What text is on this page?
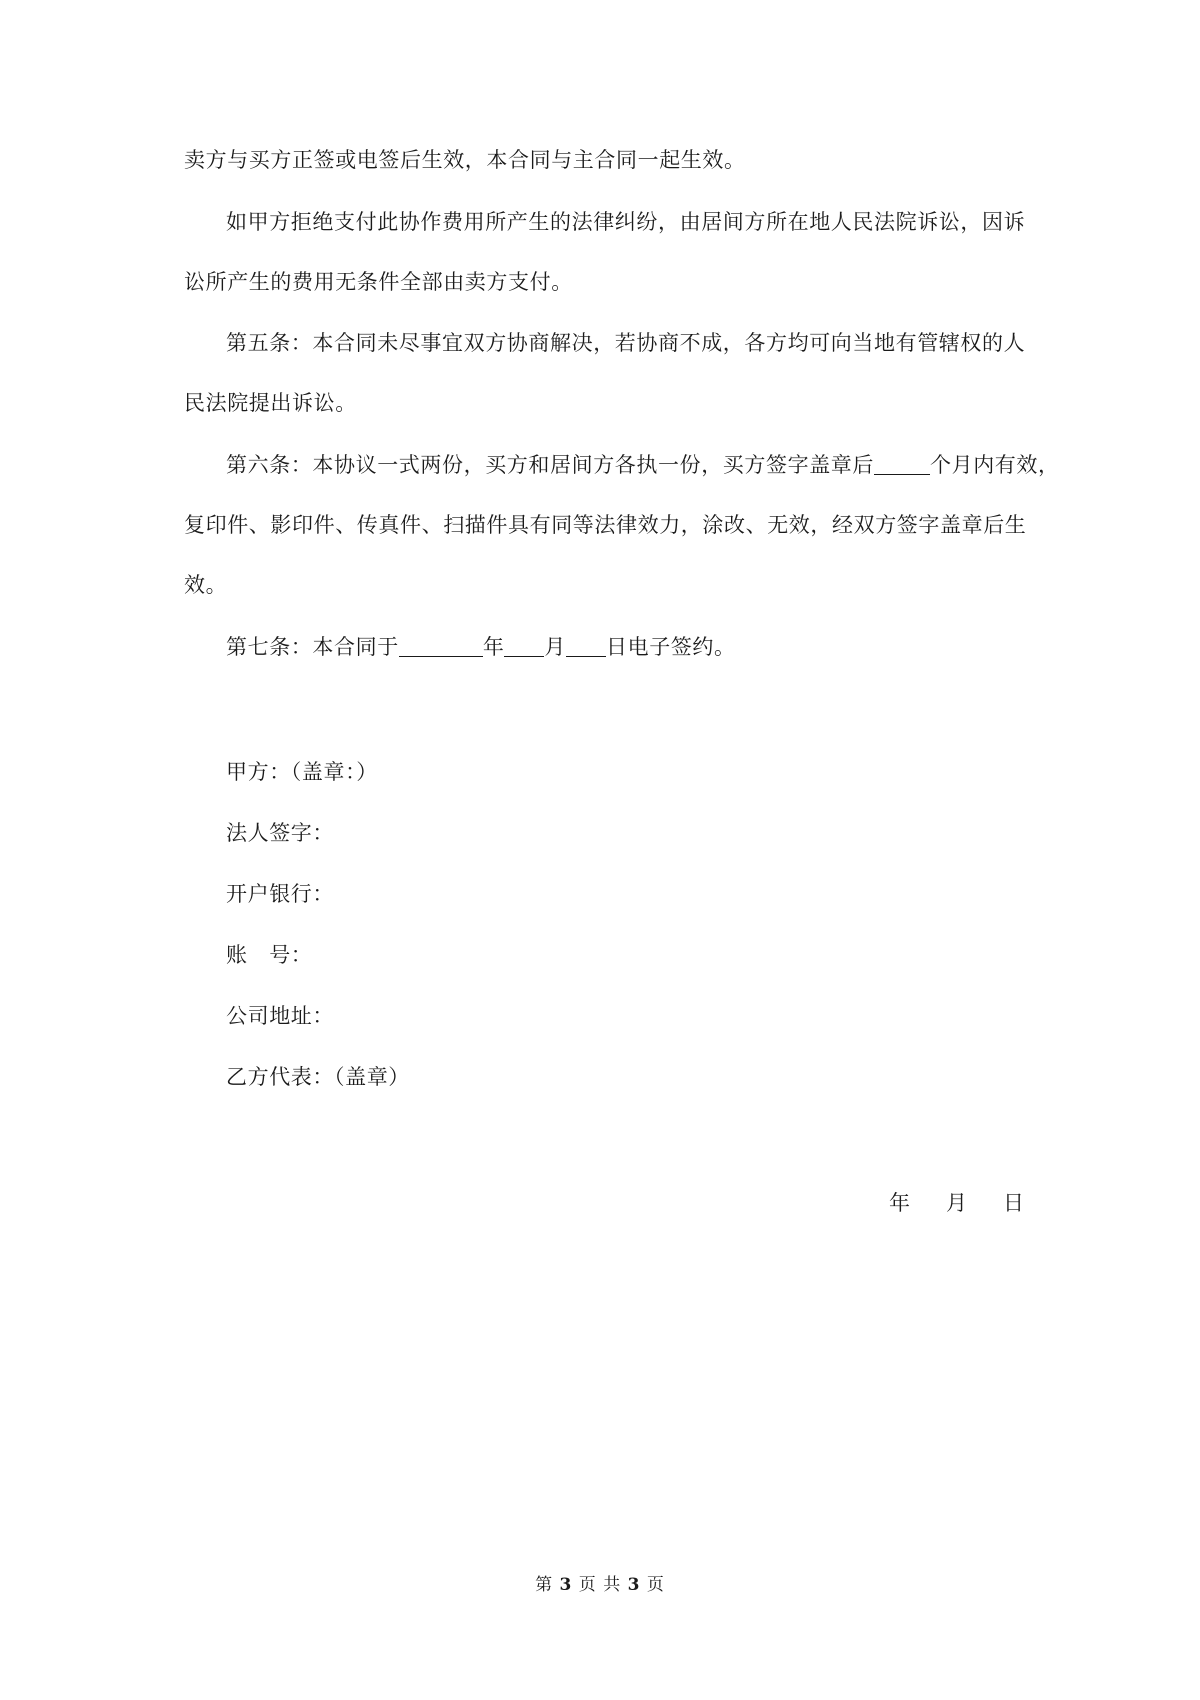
卖方与买方正签或电签后生效，本合同与主合同一起生效。
如甲方拒绝支付此协作费用所产生的法律纠纷，由居间方所在地人民法院诉讼，因诉
讼所产生的费用无条件全部由卖方支付。
第五条：本合同未尽事宜双方协商解决，若协商不成，各方均可向当地有管辖权的人
民法院提出诉讼。
第六条：本协议一式两份，买方和居间方各执一份，买方签字盖章后	个月内有效，
复印件、影印件、传真件、扫描件具有同等法律效力，涂改、无效，经双方签字盖章后生
效。
第七条：本合同于	年 月 日电子签约。
甲方：（盖章：）
法人签字：
开户银行：
账　号：
公司地址：
乙方代表：（盖章）
年 月 日
第 3 页 共 3 页
